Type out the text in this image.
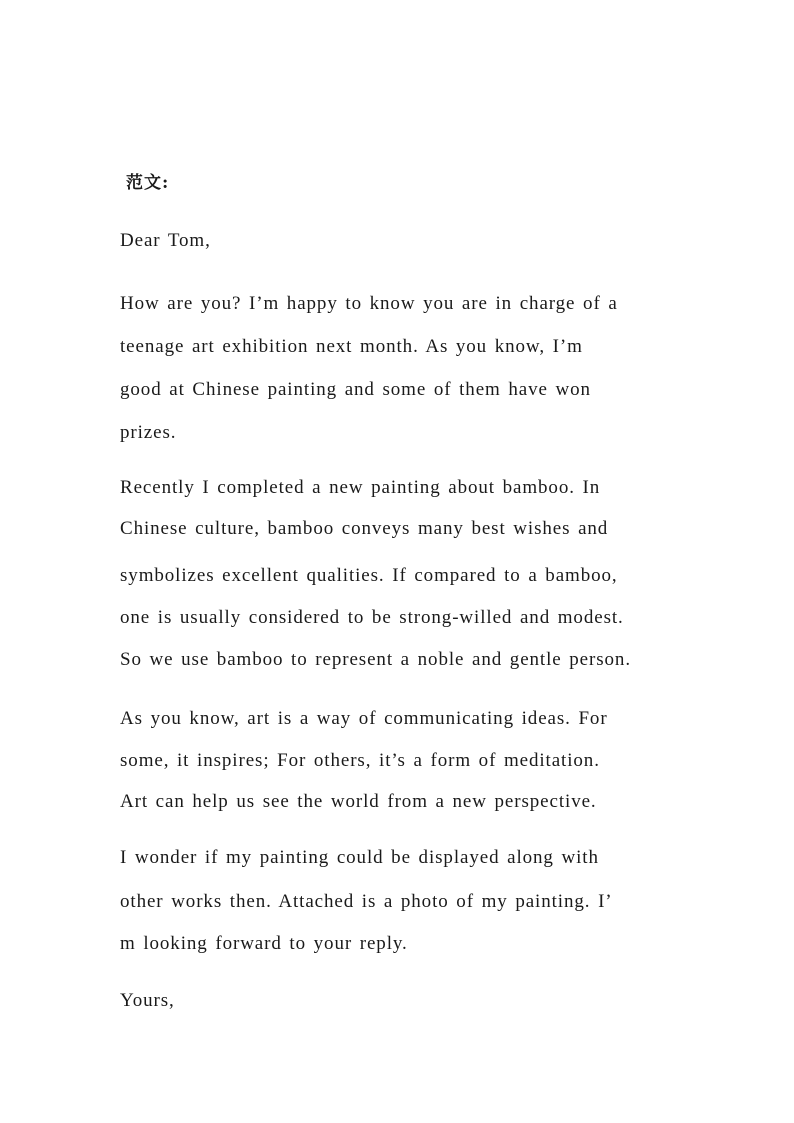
范文:
Dear Tom,
How are you? I’m happy to know you are in charge of a
teenage art exhibition next month. As you know, I’m
good at Chinese painting and some of them have won
prizes.
Recently I completed a new painting about bamboo. In
Chinese culture, bamboo conveys many best wishes and
symbolizes excellent qualities. If compared to a bamboo,
one is usually considered to be strong-willed and modest.
So we use bamboo to represent a noble and gentle person.
As you know, art is a way of communicating ideas. For
some, it inspires; For others, it’s a form of meditation.
Art can help us see the world from a new perspective.
I wonder if my painting could be displayed along with
other works then. Attached is a photo of my painting. I’
m looking forward to your reply.
Yours,
